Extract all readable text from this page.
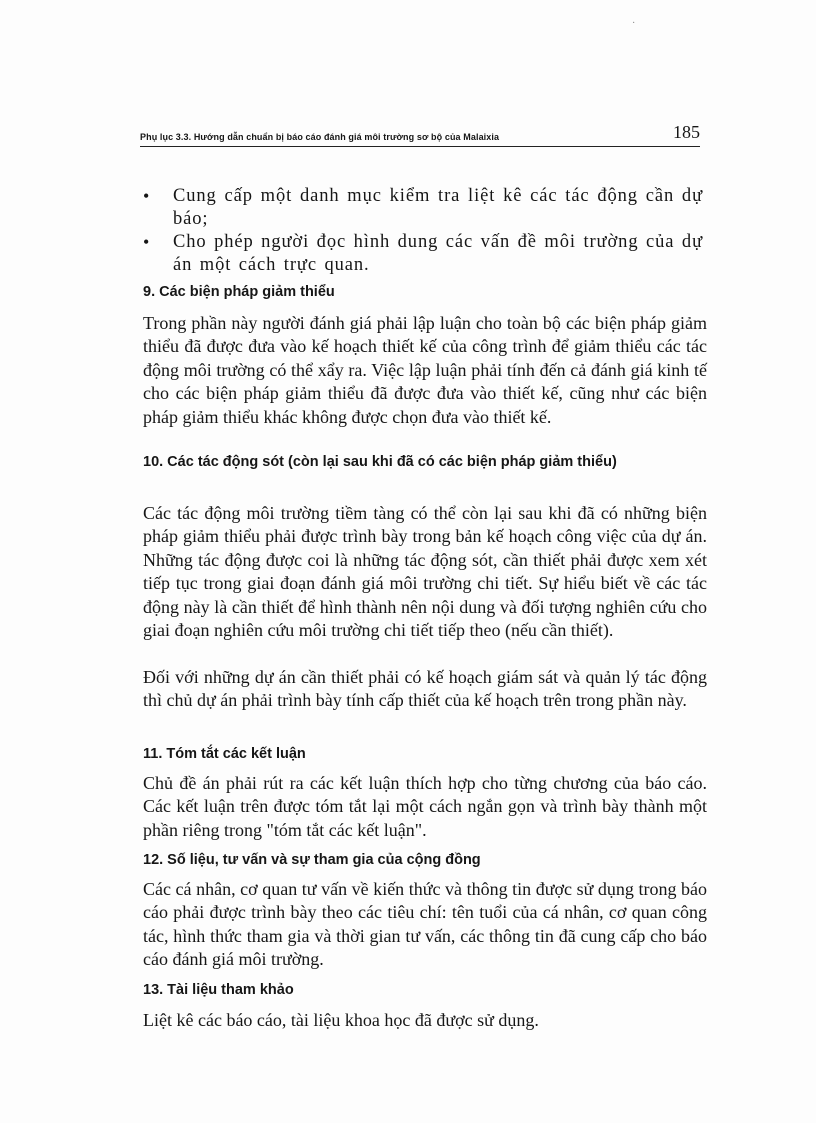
Phụ lục 3.3. Hướng dẫn chuẩn bị báo cáo đánh giá môi trường sơ bộ của Malaixia	185
• Cung cấp một danh mục kiểm tra liệt kê các tác động cần dự báo;
• Cho phép người đọc hình dung các vấn đề môi trường của dự án một cách trực quan.
9. Các biện pháp giảm thiểu

Trong phần này người đánh giá phải lập luận cho toàn bộ các biện pháp giảm thiểu đã được đưa vào kế hoạch thiết kế của công trình để giảm thiểu các tác động môi trường có thể xẩy ra. Việc lập luận phải tính đến cả đánh giá kinh tế cho các biện pháp giảm thiểu đã được đưa vào thiết kế, cũng như các biện pháp giảm thiểu khác không được chọn đưa vào thiết kế.

10. Các tác động sót (còn lại sau khi đã có các biện pháp giảm thiểu)

Các tác động môi trường tiềm tàng có thể còn lại sau khi đã có những biện pháp giảm thiểu phải được trình bày trong bản kế hoạch công việc của dự án. Những tác động được coi là những tác động sót, cần thiết phải được xem xét tiếp tục trong giai đoạn đánh giá môi trường chi tiết. Sự hiểu biết về các tác động này là cần thiết để hình thành nên nội dung và đối tượng nghiên cứu cho giai đoạn nghiên cứu môi trường chi tiết tiếp theo (nếu cần thiết).

Đối với những dự án cần thiết phải có kế hoạch giám sát và quản lý tác động thì chủ dự án phải trình bày tính cấp thiết của kế hoạch trên trong phần này.

11. Tóm tắt các kết luận

Chủ đề án phải rút ra các kết luận thích hợp cho từng chương của báo cáo. Các kết luận trên được tóm tắt lại một cách ngắn gọn và trình bày thành một phần riêng trong "tóm tắt các kết luận".

12. Số liệu, tư vấn và sự tham gia của cộng đồng

Các cá nhân, cơ quan tư vấn về kiến thức và thông tin được sử dụng trong báo cáo phải được trình bày theo các tiêu chí: tên tuổi của cá nhân, cơ quan công tác, hình thức tham gia và thời gian tư vấn, các thông tin đã cung cấp cho báo cáo đánh giá môi trường.

13. Tài liệu tham khảo

Liệt kê các báo cáo, tài liệu khoa học đã được sử dụng.

·
